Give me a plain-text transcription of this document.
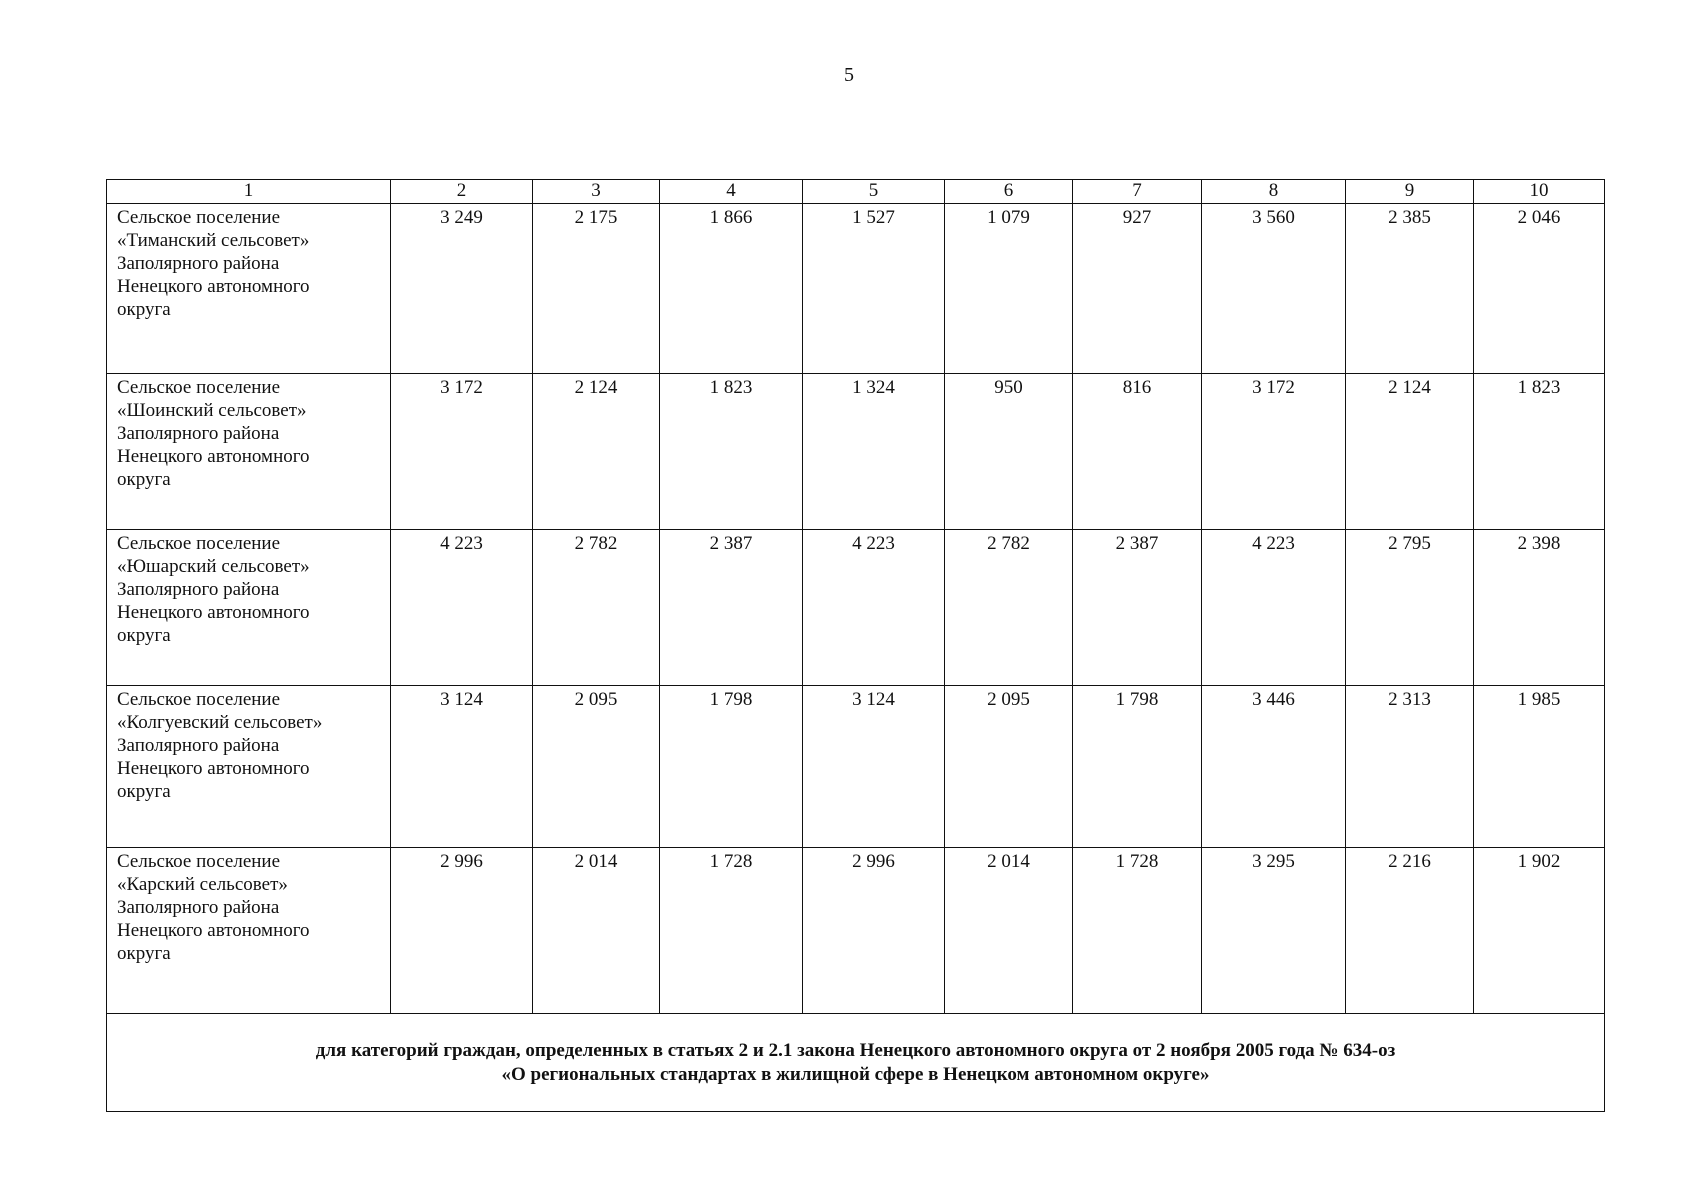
5
1	2	3	4	5	6	7	8	9	10

Сельское поселение
«Тиманский сельсовет»
Заполярного района
Ненецкого автономного
округа	3 249	2 175	1 866	1 527	1 079	927	3 560	2 385	2 046

Сельское поселение
«Шоинский сельсовет»
Заполярного района
Ненецкого автономного
округа	3 172	2 124	1 823	1 324	950	816	3 172	2 124	1 823

Сельское поселение
«Юшарский сельсовет»
Заполярного района
Ненецкого автономного
округа	4 223	2 782	2 387	4 223	2 782	2 387	4 223	2 795	2 398

Сельское поселение
«Колгуевский сельсовет»
Заполярного района
Ненецкого автономного
округа	3 124	2 095	1 798	3 124	2 095	1 798	3 446	2 313	1 985

Сельское поселение
«Карский сельсовет»
Заполярного района
Ненецкого автономного
округа	2 996	2 014	1 728	2 996	2 014	1 728	3 295	2 216	1 902

для категорий граждан, определенных в статьях 2 и 2.1 закона Ненецкого автономного округа от 2 ноября 2005 года № 634-оз
«О региональных стандартах в жилищной сфере в Ненецком автономном округе»									
